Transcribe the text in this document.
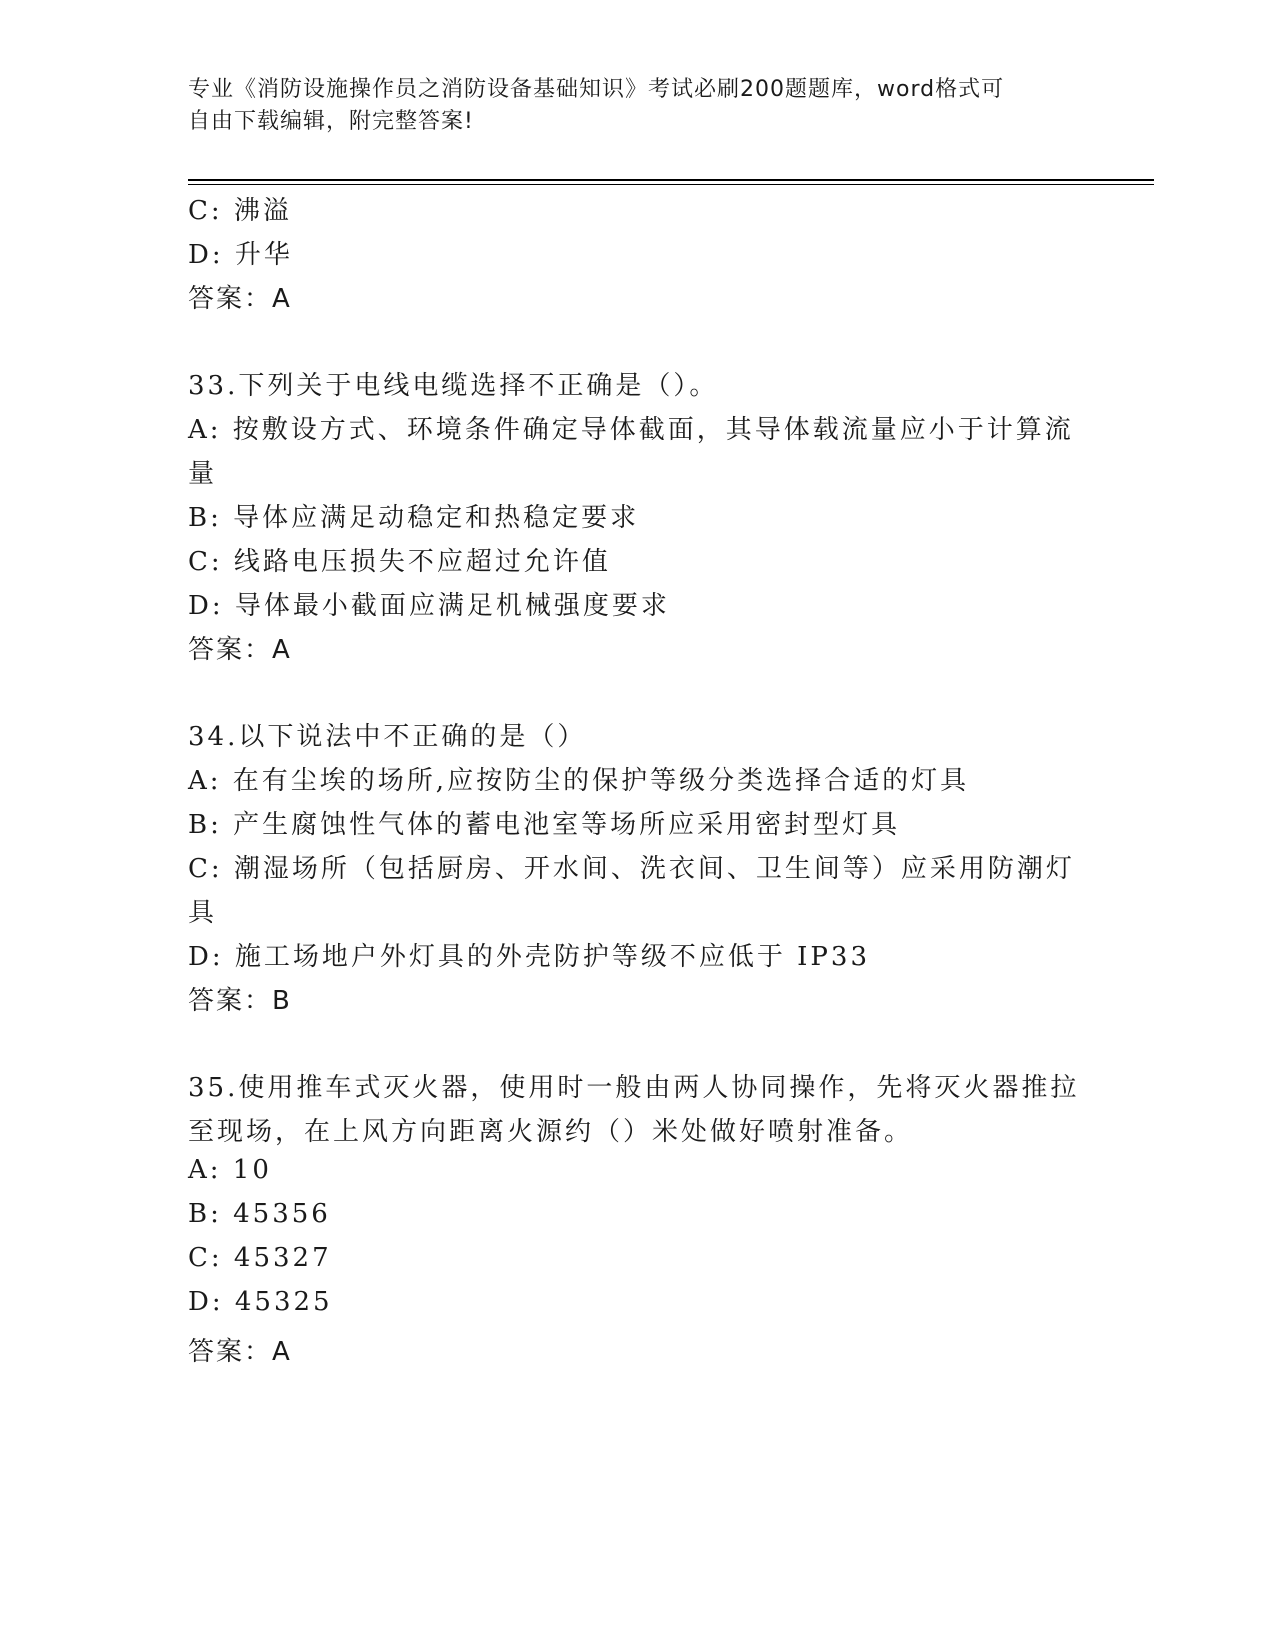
专业《消防设施操作员之消防设备基础知识》考试必刷200题题库，word格式可
自由下载编辑，附完整答案!
C: 沸溢
D: 升华
答案：A
33.下列关于电线电缆选择不正确是（）。
A: 按敷设方式、环境条件确定导体截面，其导体载流量应小于计算流
量
B: 导体应满足动稳定和热稳定要求
C: 线路电压损失不应超过允许值
D: 导体最小截面应满足机械强度要求
答案：A
34.以下说法中不正确的是（）
A: 在有尘埃的场所,应按防尘的保护等级分类选择合适的灯具
B: 产生腐蚀性气体的蓄电池室等场所应采用密封型灯具
C: 潮湿场所（包括厨房、开水间、洗衣间、卫生间等）应采用防潮灯
具
D: 施工场地户外灯具的外壳防护等级不应低于 IP33
答案：B
35.使用推车式灭火器，使用时一般由两人协同操作，先将灭火器推拉
至现场，在上风方向距离火源约（）米处做好喷射准备。
A: 10
B: 45356
C: 45327
D: 45325
答案：A
